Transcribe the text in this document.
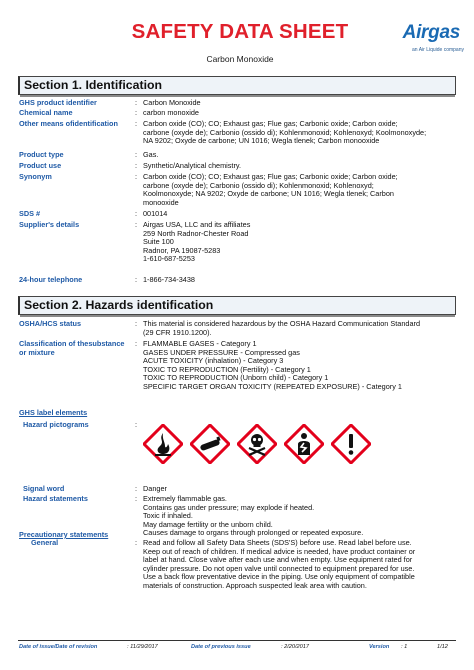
SAFETY DATA SHEET
Carbon Monoxide
Airgas
an Air Liquide company
Section 1. Identification
GHS product identifier	: Carbon Monoxide
Chemical name	: carbon monoxide
Other means ofidentification	: Carbon oxide (CO); CO; Exhaust gas; Flue gas; Carbonic oxide; Carbon oxide;
carbone (oxyde de); Carbonio (ossido di); Kohlenmonoxid; Kohlenoxyd; Koolmonoxyde;
NA 9202; Oxyde de carbone; UN 1016; Wegla tlenek; Carbon monooxide
Product type	: Gas.
Product use	: Synthetic/Analytical chemistry.
Synonym	: Carbon oxide (CO); CO; Exhaust gas; Flue gas; Carbonic oxide; Carbon oxide;
carbone (oxyde de); Carbonio (ossido di); Kohlenmonoxid; Kohlenoxyd;
Koolmonoxyde; NA 9202; Oxyde de carbone; UN 1016; Wegla tlenek; Carbon
monooxide
SDS #	: 001014
Supplier's details	: Airgas USA, LLC and its affiliates
259 North Radnor-Chester Road
Suite 100
Radnor, PA 19087-5283
1-610-687-5253
24-hour telephone	: 1-866-734-3438
Section 2. Hazards identification
OSHA/HCS status	: This material is considered hazardous by the OSHA Hazard Communication Standard
(29 CFR 1910.1200).
Classification of thesubstance or mixture
: FLAMMABLE GASES - Category 1
GASES UNDER PRESSURE - Compressed gas
ACUTE TOXICITY (inhalation) - Category 3
TOXIC TO REPRODUCTION (Fertility) - Category 1
TOXIC TO REPRODUCTION (Unborn child) - Category 1
SPECIFIC TARGET ORGAN TOXICITY (REPEATED EXPOSURE) - Category 1
GHS label elements
Hazard pictograms	:
Signal word	: Danger
Hazard statements	: Extremely flammable gas.
Contains gas under pressure; may explode if heated.
Toxic if inhaled.
May damage fertility or the unborn child.
Causes damage to organs through prolonged or repeated exposure.
Precautionary statements
General	: Read and follow all Safety Data Sheets (SDS'S) before use. Read label before use.
Keep out of reach of children. If medical advice is needed, have product container or
label at hand. Close valve after each use and when empty. Use equipment rated for
cylinder pressure. Do not open valve until connected to equipment prepared for use.
Use a back flow preventative device in the piping. Use only equipment of compatible
materials of construction. Approach suspected leak area with caution.
Date of issue/Date of revision	: 11/29/2017	Date of previous issue	: 2/20/2017	Version : 1	1/12
